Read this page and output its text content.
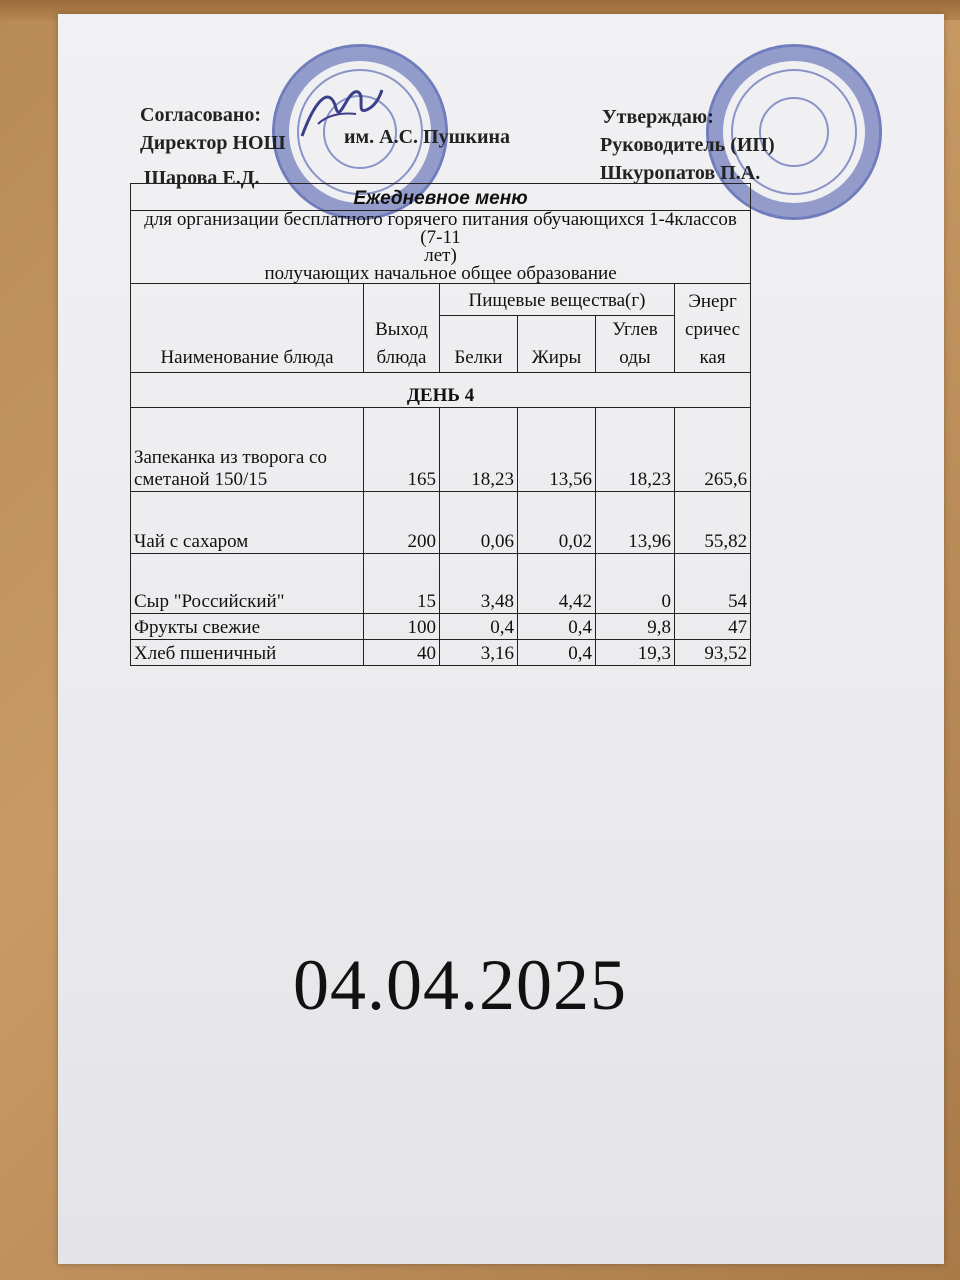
Согласовано:
Директор НОШ	им. А.С. Пушкина
Шарова Е.Д.
Утверждаю:
Руководитель (ИП)
Шкуропатов П.А.
Ежедневное меню					

для организации бесплатного горячего питания обучающихся 1-4классов (7-11
лет)
получающих начальное общее образование					

Наименование блюда	Выход блюда	Пищевые вещества(г)			Энерг сричес кая
		Белки	Жиры	Углев оды	
ДЕНЬ 4					
Запеканка из творога со сметаной 150/15	165	18,23	13,56	18,23	265,6
Чай с сахаром	200	0,06	0,02	13,96	55,82
Сыр "Российский"	15	3,48	4,42	0	54
Фрукты свежие	100	0,4	0,4	9,8	47
Хлеб пшеничный	40	3,16	0,4	19,3	93,52
04.04.2025
